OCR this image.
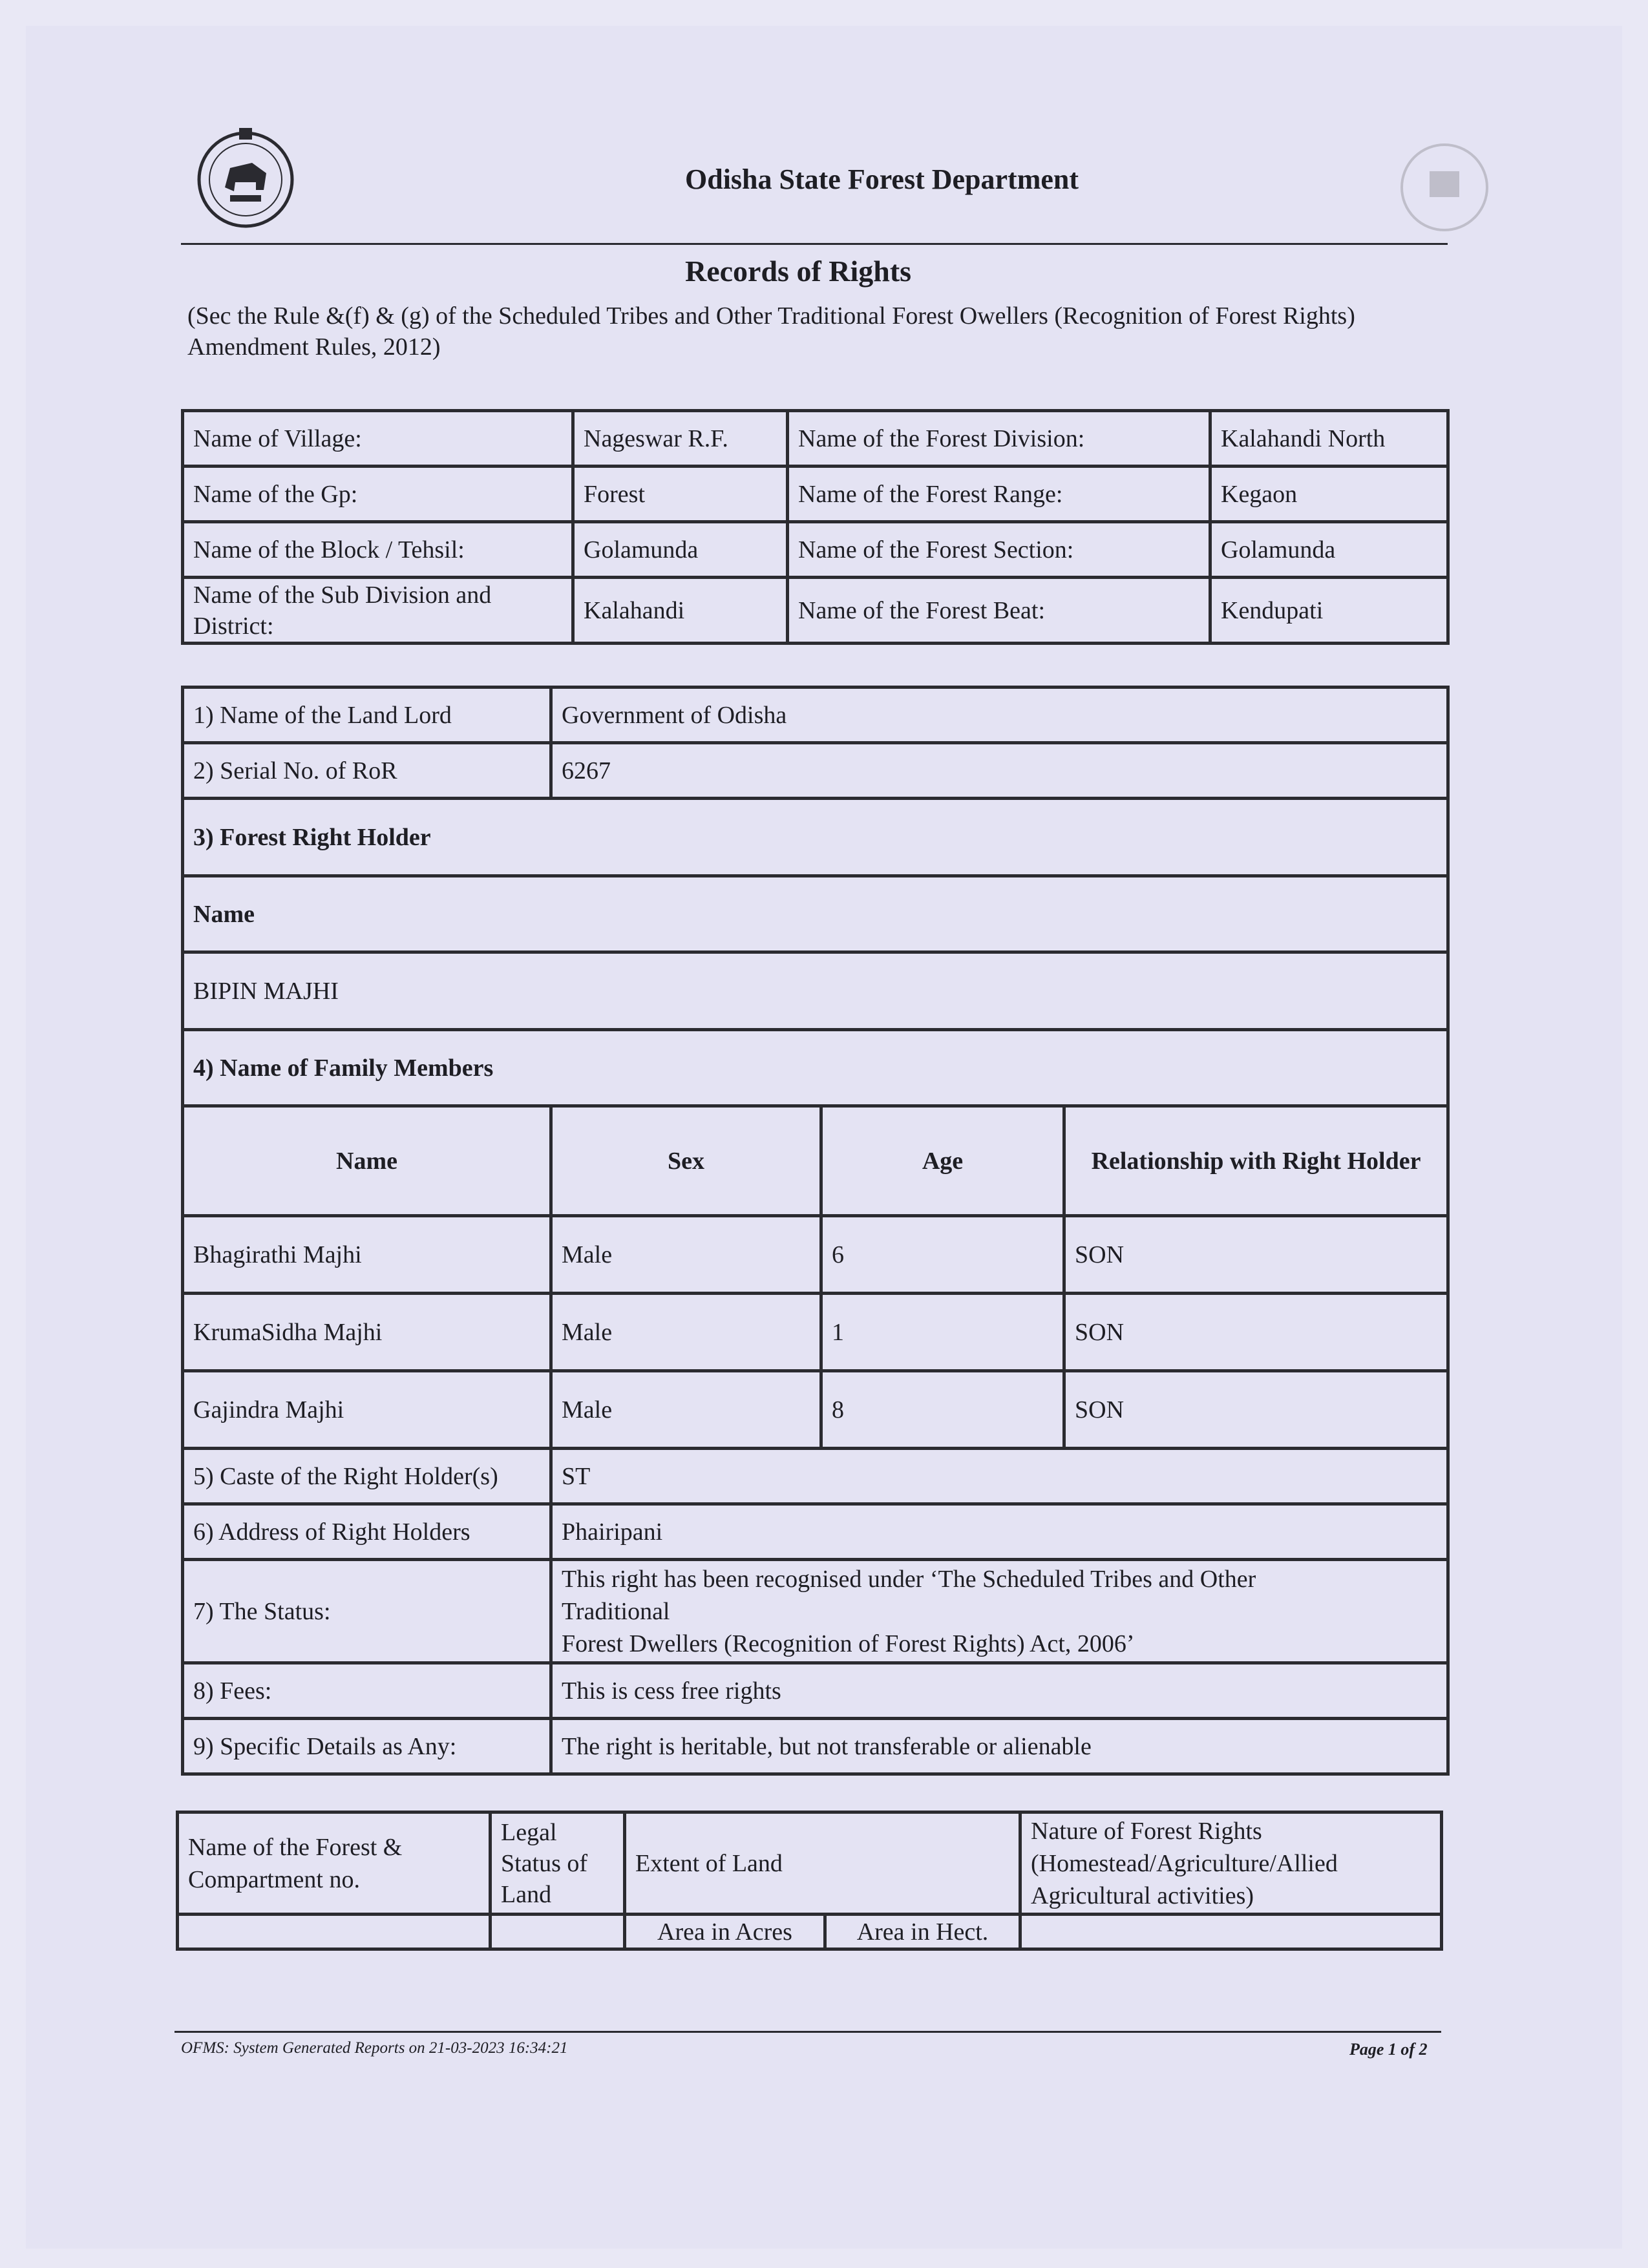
Odisha State Forest Department
Records of Rights
(Sec the Rule &(f) & (g) of the Scheduled Tribes and Other Traditional Forest Owellers (Recognition of Forest Rights) Amendment Rules, 2012)
Name of Village:	Nageswar R.F.	Name of the Forest Division:	Kalahandi North
Name of the Gp:	Forest	Name of the Forest Range:	Kegaon
Name of the Block / Tehsil:	Golamunda	Name of the Forest Section:	Golamunda
Name of the Sub Division and District:	Kalahandi	Name of the Forest Beat:	Kendupati
1) Name of the Land Lord	Government of Odisha		
2) Serial No. of RoR	6267		
3) Forest Right Holder			
Name			
BIPIN MAJHI			
4) Name of Family Members			
Name	Sex	Age	Relationship with Right Holder
Bhagirathi Majhi	Male	6	SON
KrumaSidha Majhi	Male	1	SON
Gajindra Majhi	Male	8	SON
5) Caste of the Right Holder(s)	ST		
6) Address of Right Holders	Phairipani		
7) The Status:	This right has been recognised under ‘The Scheduled Tribes and Other Traditional
Forest Dwellers (Recognition of Forest Rights) Act, 2006’		

8) Fees:	This is cess free rights		
9) Specific Details as Any:	The right is heritable, but not transferable or alienable		
Name of the Forest & Compartment no.	Legal Status of Land	Extent of Land		Nature of Forest Rights (Homestead/Agriculture/Allied Agricultural activities)
		Area in Acres	Area in Hect.	
OFMS: System Generated Reports on 21-03-2023 16:34:21	Page 1 of 2
